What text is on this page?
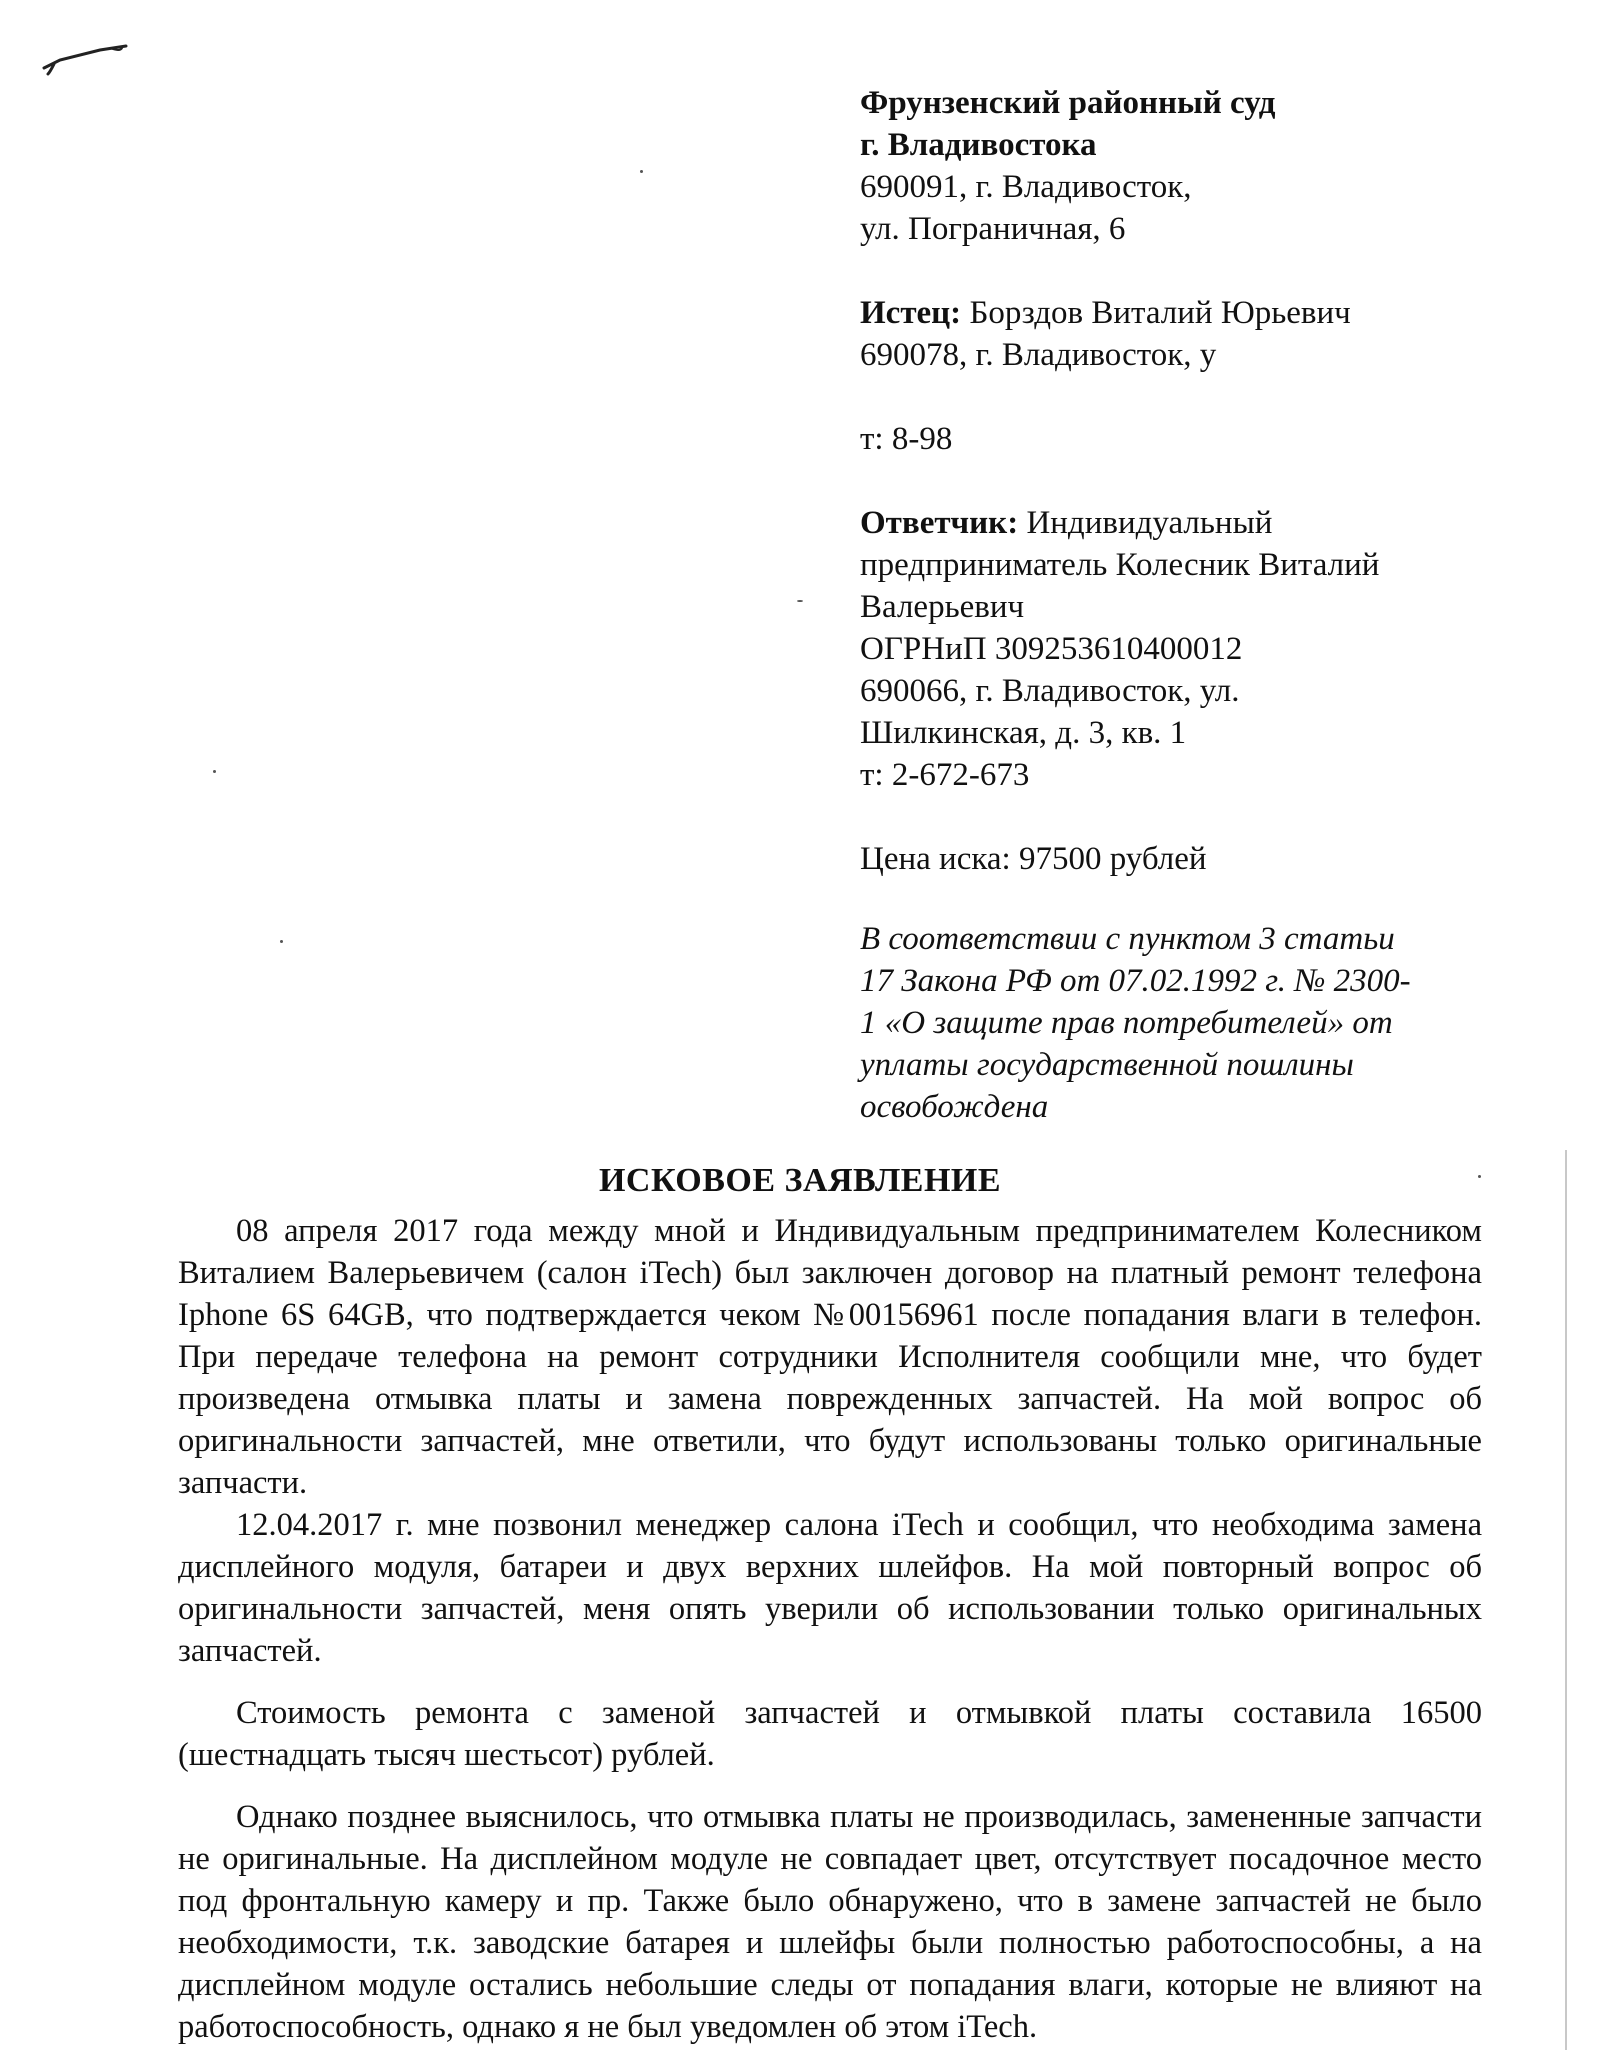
Фрунзенский районный суд
г. Владивостока
690091, г. Владивосток,
ул. Пограничная, 6
Истец: Борздов Виталий Юрьевич
690078, г. Владивосток, у

т: 8-98
Ответчик: Индивидуальный
предприниматель Колесник Виталий
Валерьевич
ОГРНиП 309253610400012
690066, г. Владивосток, ул.
Шилкинская, д. 3, кв. 1
т: 2-672-673
Цена иска: 97500 рублей
В соответствии с пунктом 3 статьи
17 Закона РФ от 07.02.1992 г. № 2300-
1 «О защите прав потребителей» от
уплаты государственной пошлины
освобождена
ИСКОВОЕ ЗАЯВЛЕНИЕ

08 апреля 2017 года между мной и Индивидуальным предпринимателем Колесником Виталием Валерьевичем (салон iTech) был заключен договор на платный ремонт телефона Iphone 6S 64GB, что подтверждается чеком №00156961 после попадания влаги в телефон. При передаче телефона на ремонт сотрудники Исполнителя сообщили мне, что будет произведена отмывка платы и замена поврежденных запчастей. На мой вопрос об оригинальности запчастей, мне ответили, что будут использованы только оригинальные запчасти.

12.04.2017 г. мне позвонил менеджер салона iTech и сообщил, что необходима замена дисплейного модуля, батареи и двух верхних шлейфов. На мой повторный вопрос об оригинальности запчастей, меня опять уверили об использовании только оригинальных запчастей.

Стоимость ремонта с заменой запчастей и отмывкой платы составила 16500 (шестнадцать тысяч шестьсот) рублей.

Однако позднее выяснилось, что отмывка платы не производилась, замененные запчасти не оригинальные. На дисплейном модуле не совпадает цвет, отсутствует посадочное место под фронтальную камеру и пр. Также было обнаружено, что в замене запчастей не было необходимости, т.к. заводские батарея и шлейфы были полностью работоспособны, а на дисплейном модуле остались небольшие следы от попадания влаги, которые не влияют на работоспособность, однако я не был уведомлен об этом iTech.
